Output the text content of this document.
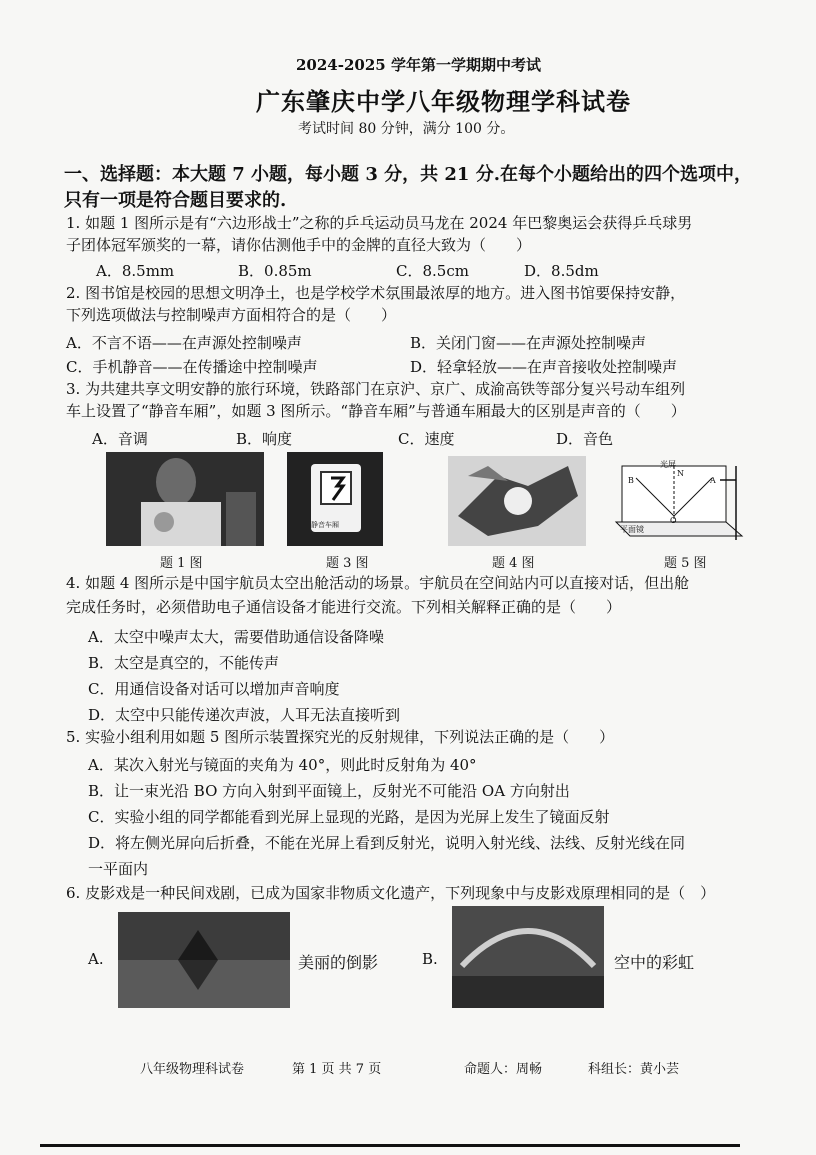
2024-2025 学年第一学期期中考试
广东肇庆中学八年级物理学科试卷
考试时间 80 分钟，满分 100 分。
一、选择题：本大题 7 小题，每小题 3 分，共 21 分.在每个小题给出的四个选项中，
只有一项是符合题目要求的.
1. 如题 1 图所示是有“六边形战士”之称的乒乓运动员马龙在 2024 年巴黎奥运会获得乒乓球男
子团体冠军颁奖的一幕，请你估测他手中的金牌的直径大致为（　　）
A．8.5mm	B．0.85m	C．8.5cm	D．8.5dm
2. 图书馆是校园的思想文明净土，也是学校学术氛围最浓厚的地方。进入图书馆要保持安静，
下列选项做法与控制噪声方面相符合的是（　　）
A．不言不语——在声源处控制噪声	B．关闭门窗——在声源处控制噪声
C．手机静音——在传播途中控制噪声	D．轻拿轻放——在声音接收处控制噪声
3. 为共建共享文明安静的旅行环境，铁路部门在京沪、京广、成渝高铁等部分复兴号动车组列
车上设置了“静音车厢”，如题 3 图所示。“静音车厢”与普通车厢最大的区别是声音的（　　）
A．音调	B．响度	C．速度	D．音色
题 1 图
静音车厢
题 3 图	题 4 图
光屏
平面镜
N
B	A
O
题 5 图
4. 如题 4 图所示是中国宇航员太空出舱活动的场景。宇航员在空间站内可以直接对话，但出舱
完成任务时，必须借助电子通信设备才能进行交流。下列相关解释正确的是（　　）
A．太空中噪声太大，需要借助通信设备降噪
B．太空是真空的，不能传声
C．用通信设备对话可以增加声音响度
D．太空中只能传递次声波，人耳无法直接听到
5. 实验小组利用如题 5 图所示装置探究光的反射规律，下列说法正确的是（　　）
A．某次入射光与镜面的夹角为 40°，则此时反射角为 40°
B．让一束光沿 BO 方向入射到平面镜上，反射光不可能沿 OA 方向射出
C．实验小组的同学都能看到光屏上显现的光路，是因为光屏上发生了镜面反射
D．将左侧光屏向后折叠，不能在光屏上看到反射光，说明入射光线、法线、反射光线在同
一平面内
6. 皮影戏是一种民间戏剧，已成为国家非物质文化遗产，下列现象中与皮影戏原理相同的是（　）
A.	美丽的倒影	B.	空中的彩虹
八年级物理科试卷	第 1 页 共 7 页	命题人：周畅	科组长：黄小芸
